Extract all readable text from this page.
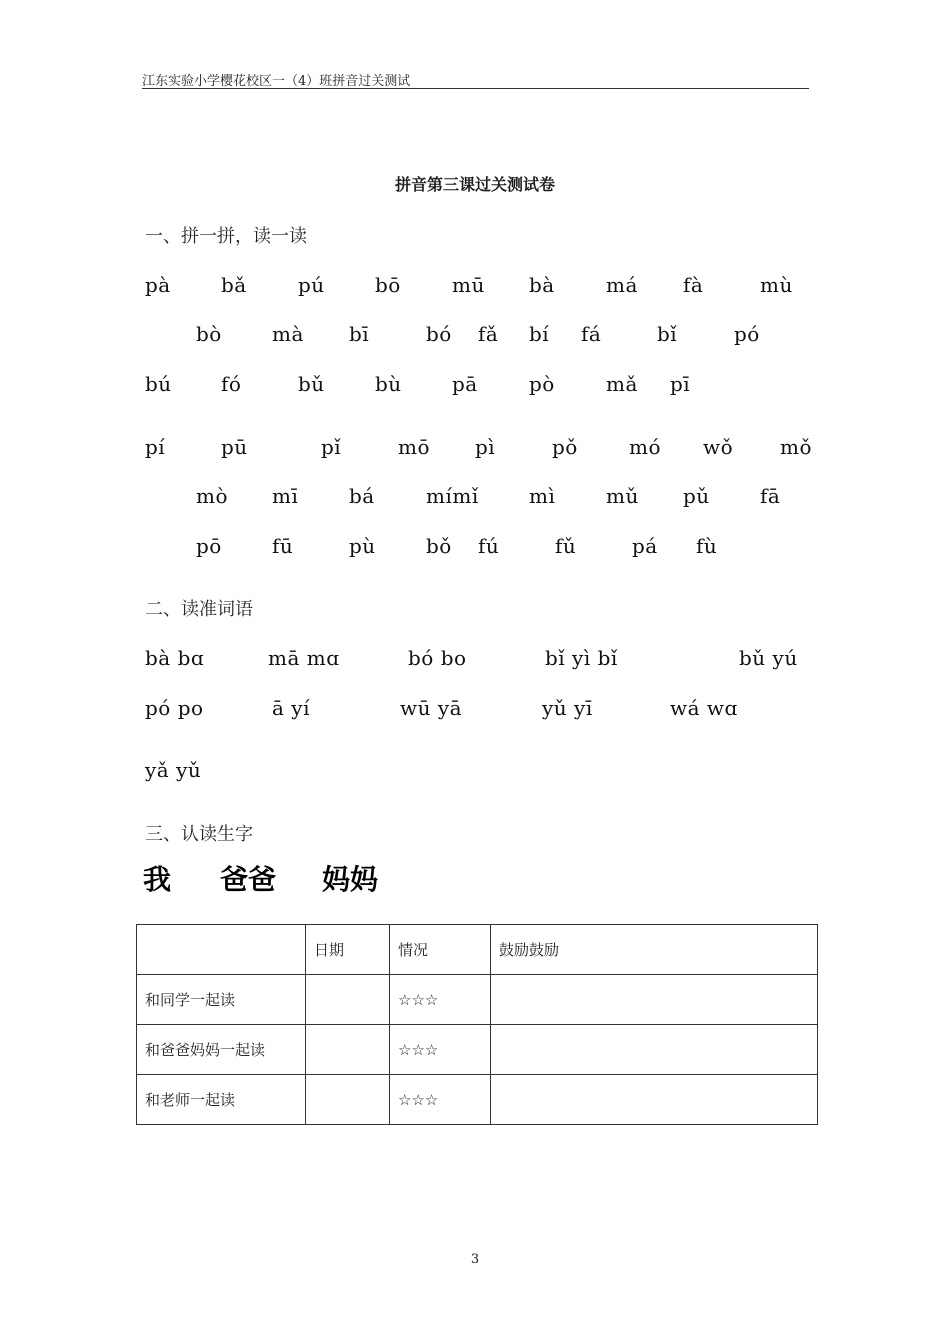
江东实验小学樱花校区一（4）班拼音过关测试
拼音第三课过关测试卷
一、拼一拼，读一读
pà	bǎ	pú	bō	mū bà	má fà	mù
bò	mà bī	bó fǎ bí fá	bǐ	pó
bú fó	bǔ	bù	pā	pò	mǎ pī
pí	pū	pǐ	mō pì	pǒ	mó wǒ mǒ
mò mī	bá	mímǐ	mì	mǔ pǔ	fā
pō	fū	pù	bǒ fú	fǔ	pá fù
二、读准词语
bà bɑ	mā mɑ	bó bo	bǐ yì bǐ	bǔ yú
pó po	ā yí	wū yā	yǔ yī	wá wɑ
yǎ yǔ
三、认读生字
我 爸爸 妈妈
	日期	情况	鼓励鼓励
和同学一起读		☆☆☆	
和爸爸妈妈一起读		☆☆☆	
和老师一起读		☆☆☆	
3
